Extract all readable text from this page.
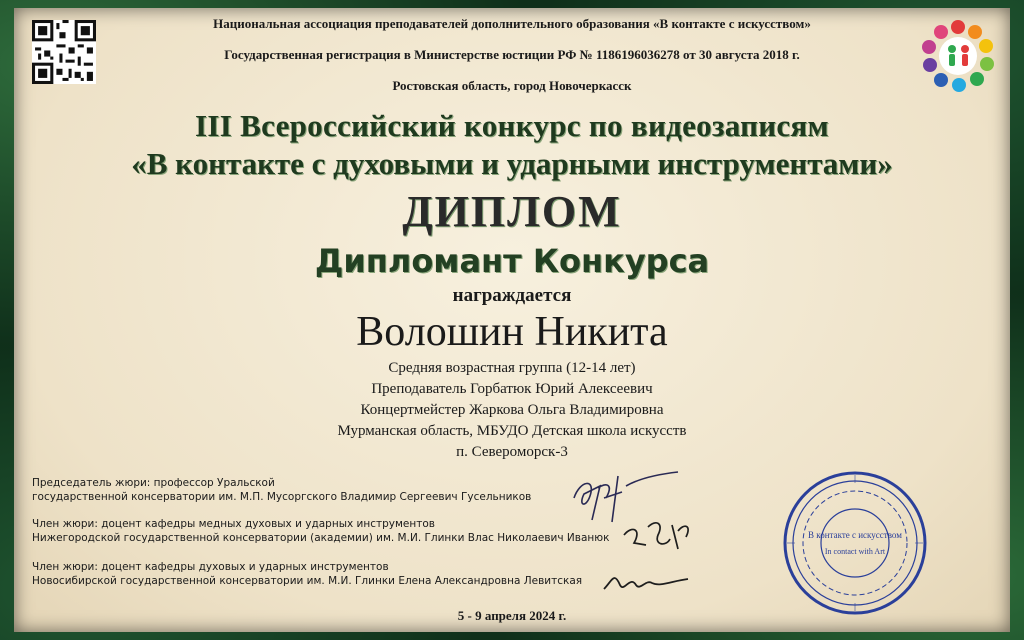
Национальная ассоциация преподавателей дополнительного образования «В контакте с искусством»
Государственная регистрация в Министерстве юстиции РФ № 1186196036278 от 30 августа 2018 г.
Ростовская область, город Новочеркасск
III Всероссийский конкурс по видеозаписям
«В контакте с духовыми и ударными инструментами»
ДИПЛОМ
Дипломант Конкурса
награждается
Волошин Никита
Средняя возрастная группа (12-14 лет)
Преподаватель Горбатюк Юрий Алексеевич
Концертмейстер Жаркова Ольга Владимировна
Мурманская область, МБУДО Детская школа искусств
п. Североморск-3
Председатель жюри: профессор Уральской
государственной консерватории им. М.П. Мусоргского Владимир Сергеевич Гусельников
Член жюри: доцент кафедры медных духовых и ударных инструментов
Нижегородской государственной консерватории (академии) им. М.И. Глинки Влас Николаевич Иванюк
Член жюри: доцент кафедры духовых и ударных инструментов
Новосибирской государственной консерватории им. М.И. Глинки Елена Александровна Левитская
В контакте с искусством
In contact with Art
5 - 9 апреля 2024 г.
